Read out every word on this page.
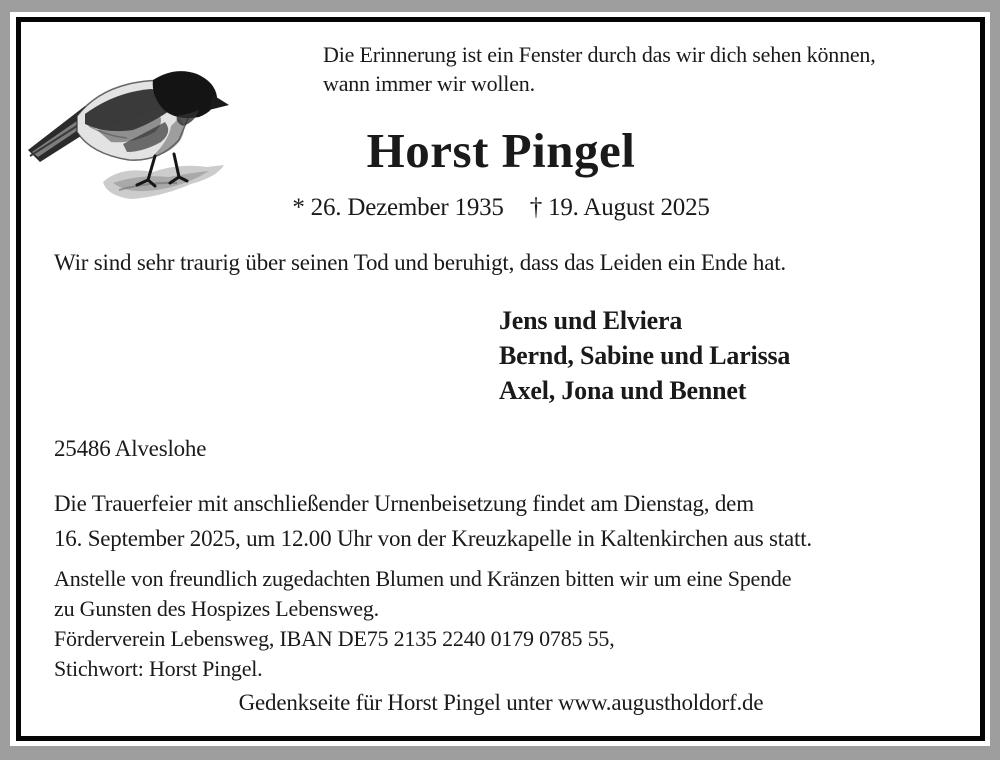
Die Erinnerung ist ein Fenster durch das wir dich sehen können,
wann immer wir wollen.
Horst Pingel
* 26. Dezember 1935 † 19. August 2025
Wir sind sehr traurig über seinen Tod und beruhigt, dass das Leiden ein Ende hat.
Jens und Elviera
Bernd, Sabine und Larissa
Axel, Jona und Bennet
25486 Alveslohe
Die Trauerfeier mit anschließender Urnenbeisetzung findet am Dienstag, dem
16. September 2025, um 12.00 Uhr von der Kreuzkapelle in Kaltenkirchen aus statt.
Anstelle von freundlich zugedachten Blumen und Kränzen bitten wir um eine Spende
zu Gunsten des Hospizes Lebensweg.
Förderverein Lebensweg, IBAN DE75 2135 2240 0179 0785 55,
Stichwort: Horst Pingel.
Gedenkseite für Horst Pingel unter www.augustholdorf.de
